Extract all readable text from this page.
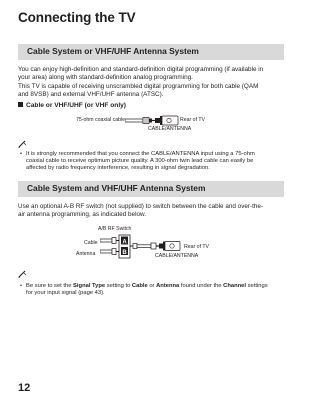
Connecting the TV
Cable System or VHF/UHF Antenna System
You can enjoy high-definition and standard-definition digital programming (if available in
your area) along with standard-definition analog programming.
This TV is capable of receiving unscrambled digital programming for both cable (QAM
and 8VSB) and external VHF/UHF antenna (ATSC).
Cable or VHF/UHF (or VHF only)
75-ohm coaxial cable	Rear of TV
CABLE/ANTENNA
• It is strongly recommended that you connect the CABLE/ANTENNA input using a 75-ohm
coaxial cable to receive optimum picture quality. A 300-ohm twin lead cable can easily be
affected by radio frequency interference, resulting in signal degradation.
Cable System and VHF/UHF Antenna System
Use an optional A-B RF switch (not supplied) to switch between the cable and over-the-
air antenna programming, as indicated below.
A/B RF Switch
Cable
Antenna
A
B
Rear of TV
CABLE/ANTENNA
• Be sure to set the Signal Type setting to Cable or Antenna found under the Channel settings
for your input signal (page 43).
12
